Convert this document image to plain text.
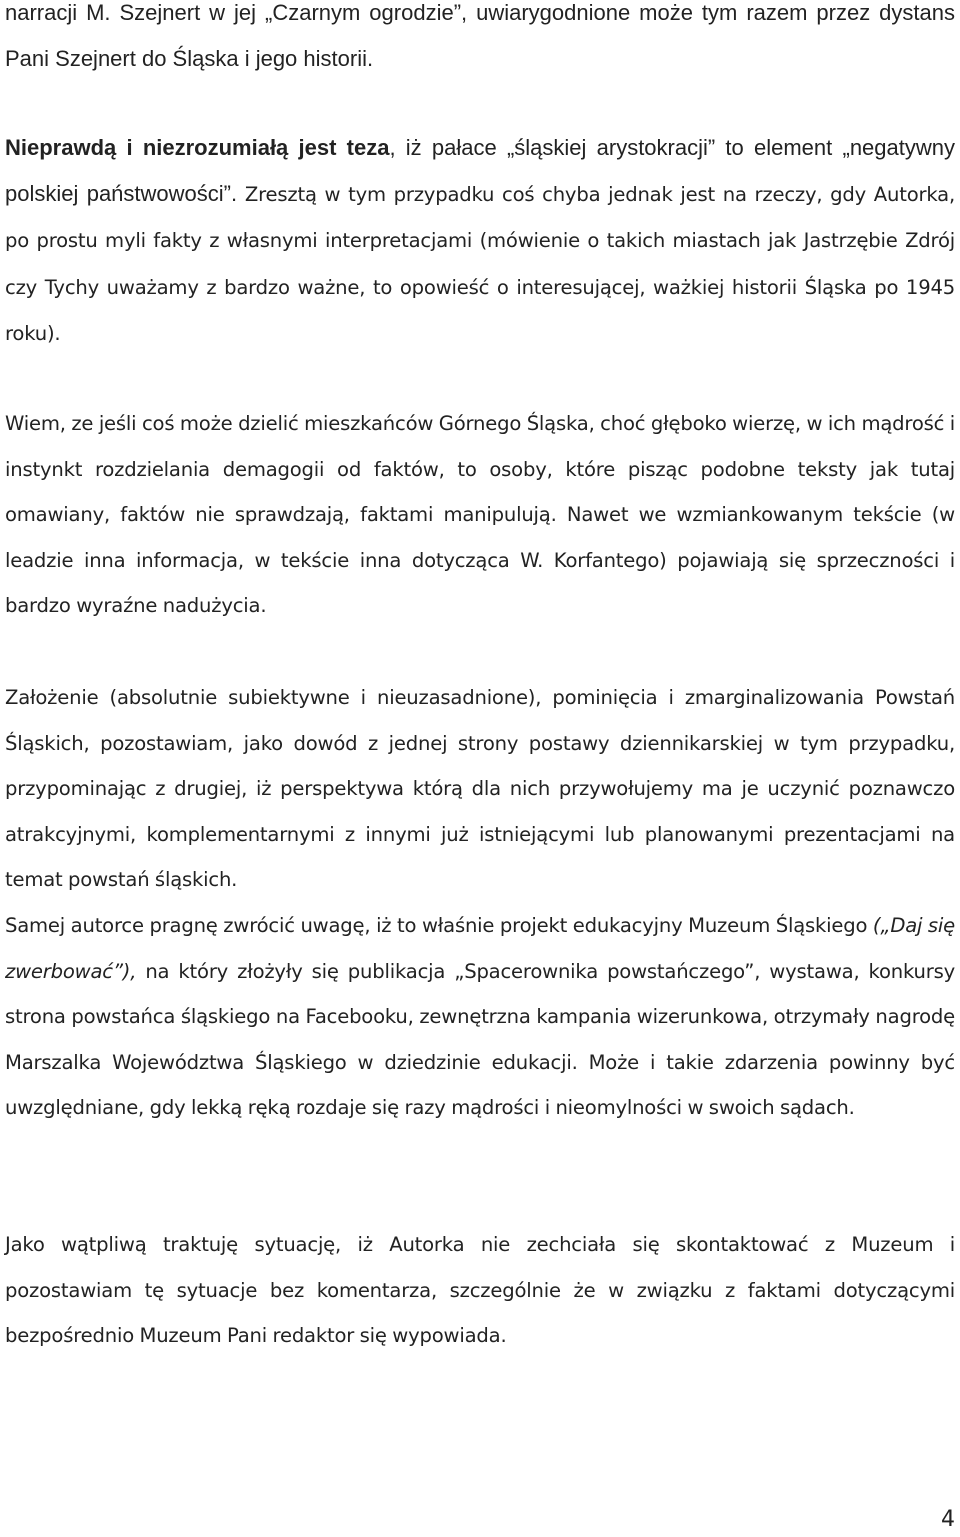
narracji M. Szejnert w jej „Czarnym ogrodzie”, uwiarygodnione może tym razem przez dystans Pani Szejnert do Śląska i jego historii.

Nieprawdą i niezrozumiałą jest teza, iż pałace „śląskiej arystokracji” to element „negatywny polskiej państwowości”. Zresztą w tym przypadku coś chyba jednak jest na rzeczy, gdy Autorka, po prostu myli fakty z własnymi interpretacjami (mówienie o takich miastach jak Jastrzębie Zdrój czy Tychy uważamy z bardzo ważne, to opowieść o interesującej, ważkiej historii Śląska po 1945 roku).

Wiem, ze jeśli coś może dzielić mieszkańców Górnego Śląska, choć głęboko wierzę, w ich mądrość i instynkt rozdzielania demagogii od faktów, to osoby, które pisząc podobne teksty jak tutaj omawiany, faktów nie sprawdzają, faktami manipulują. Nawet we wzmiankowanym tekście (w leadzie inna informacja, w tekście inna dotycząca W. Korfantego) pojawiają się sprzeczności i bardzo wyraźne nadużycia.

Założenie (absolutnie subiektywne i nieuzasadnione), pominięcia i zmarginalizowania Powstań Śląskich, pozostawiam, jako dowód z jednej strony postawy dziennikarskiej w tym przypadku, przypominając z drugiej, iż perspektywa którą dla nich przywołujemy ma je uczynić poznawczo atrakcyjnymi, komplementarnymi z innymi już istniejącymi lub planowanymi prezentacjami na temat powstań śląskich.

Samej autorce pragnę zwrócić uwagę, iż to właśnie projekt edukacyjny Muzeum Śląskiego („Daj się zwerbować”), na który złożyły się publikacja „Spacerownika powstańczego”, wystawa, konkursy strona powstańca śląskiego na Facebooku, zewnętrzna kampania wizerunkowa, otrzymały nagrodę Marszalka Województwa Śląskiego w dziedzinie edukacji. Może i takie zdarzenia powinny być uwzględniane, gdy lekką ręką rozdaje się razy mądrości i nieomylności w swoich sądach.

Jako wątpliwą traktuję sytuację, iż Autorka nie zechciała się skontaktować z Muzeum i pozostawiam tę sytuacje bez komentarza, szczególnie że w związku z faktami dotyczącymi bezpośrednio Muzeum Pani redaktor się wypowiada.

4
